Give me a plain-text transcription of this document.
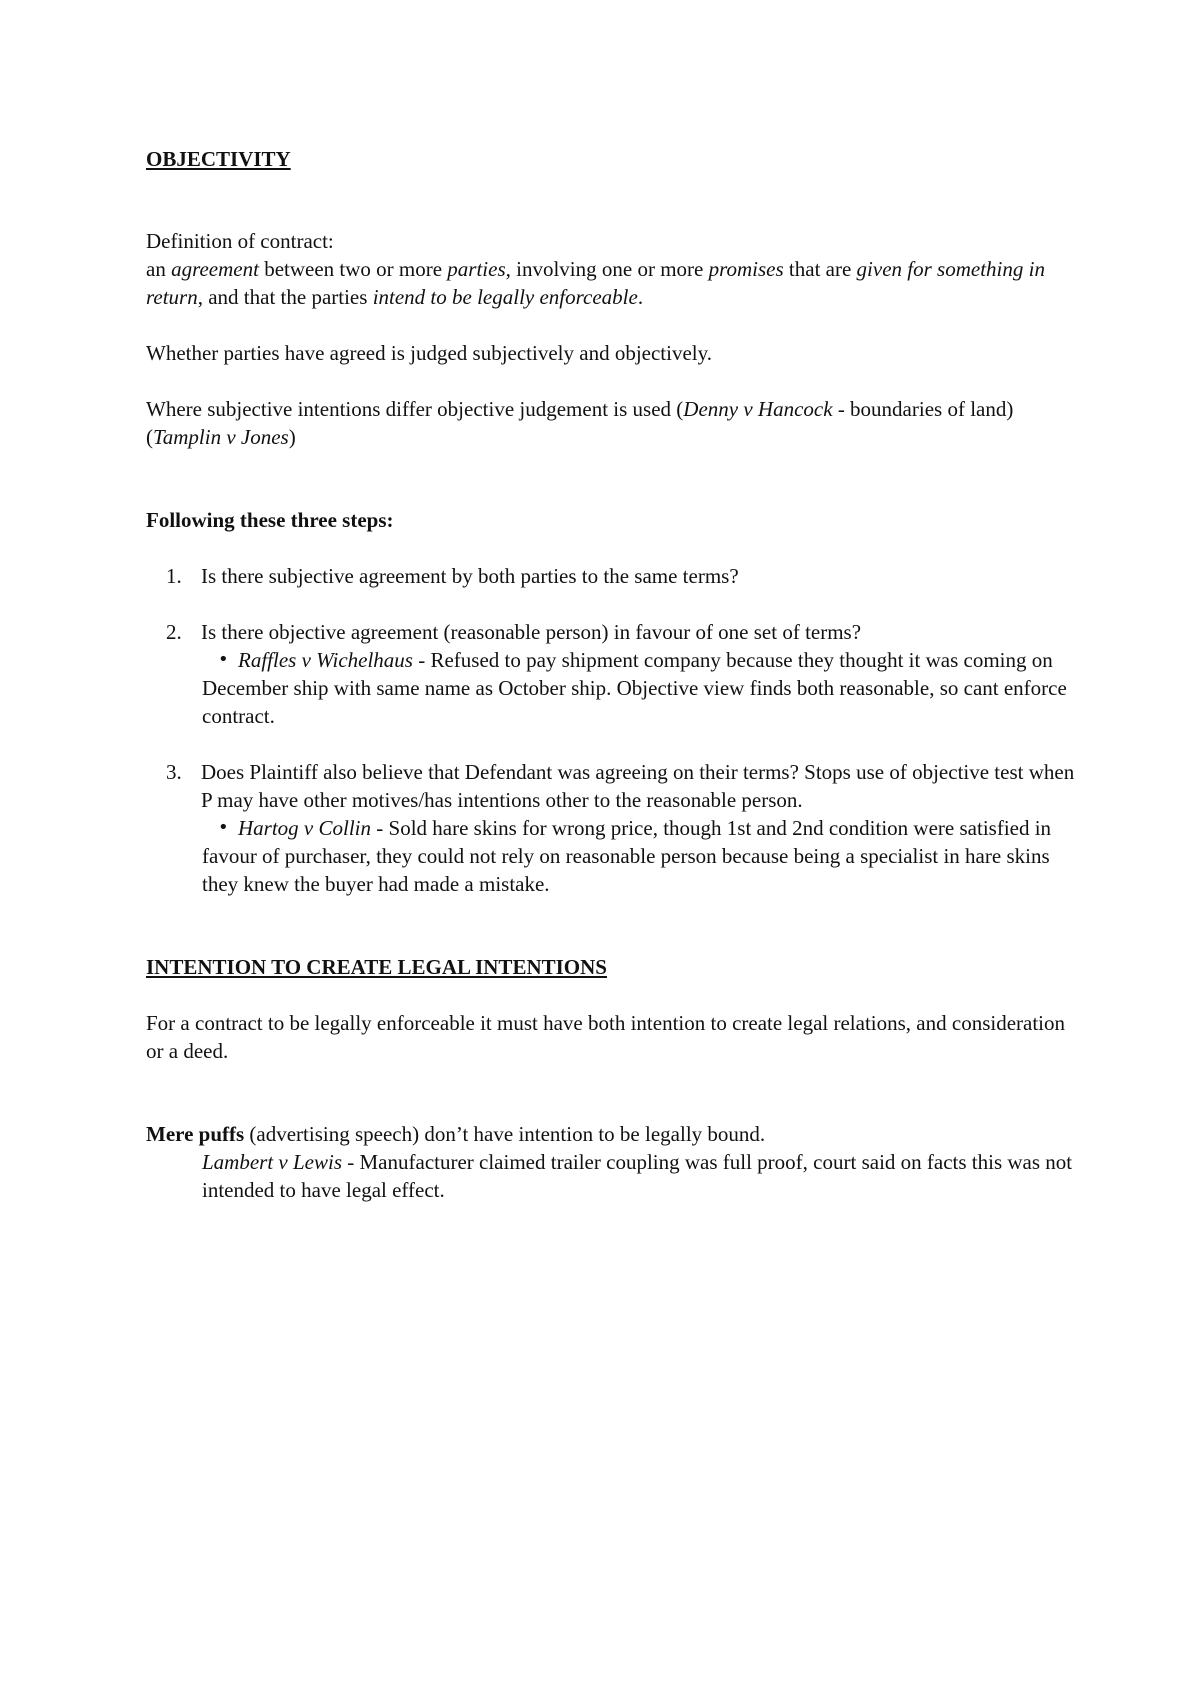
OBJECTIVITY

Definition of contract:

an agreement between two or more parties, involving one or more promises that are given for something in return, and that the parties intend to be legally enforceable.

Whether parties have agreed is judged subjectively and objectively.

Where subjective intentions differ objective judgement is used (Denny v Hancock - boundaries of land) (Tamplin v Jones)

Following these three steps:

1. Is there subjective agreement by both parties to the same terms?
2. Is there objective agreement (reasonable person) in favour of one set of terms?
• Raffles v Wichelhaus - Refused to pay shipment company because they thought it was coming on December ship with same name as October ship. Objective view finds both reasonable, so cant enforce contract.
3. Does Plaintiff also believe that Defendant was agreeing on their terms? Stops use of objective test when P may have other motives/has intentions other to the reasonable person.
• Hartog v Collin - Sold hare skins for wrong price, though 1st and 2nd condition were satisfied in favour of purchaser, they could not rely on reasonable person because being a specialist in hare skins they knew the buyer had made a mistake.
INTENTION TO CREATE LEGAL INTENTIONS

For a contract to be legally enforceable it must have both intention to create legal relations, and consideration or a deed.

Mere puffs (advertising speech) don’t have intention to be legally bound.

Lambert v Lewis - Manufacturer claimed trailer coupling was full proof, court said on facts this was not intended to have legal effect.
